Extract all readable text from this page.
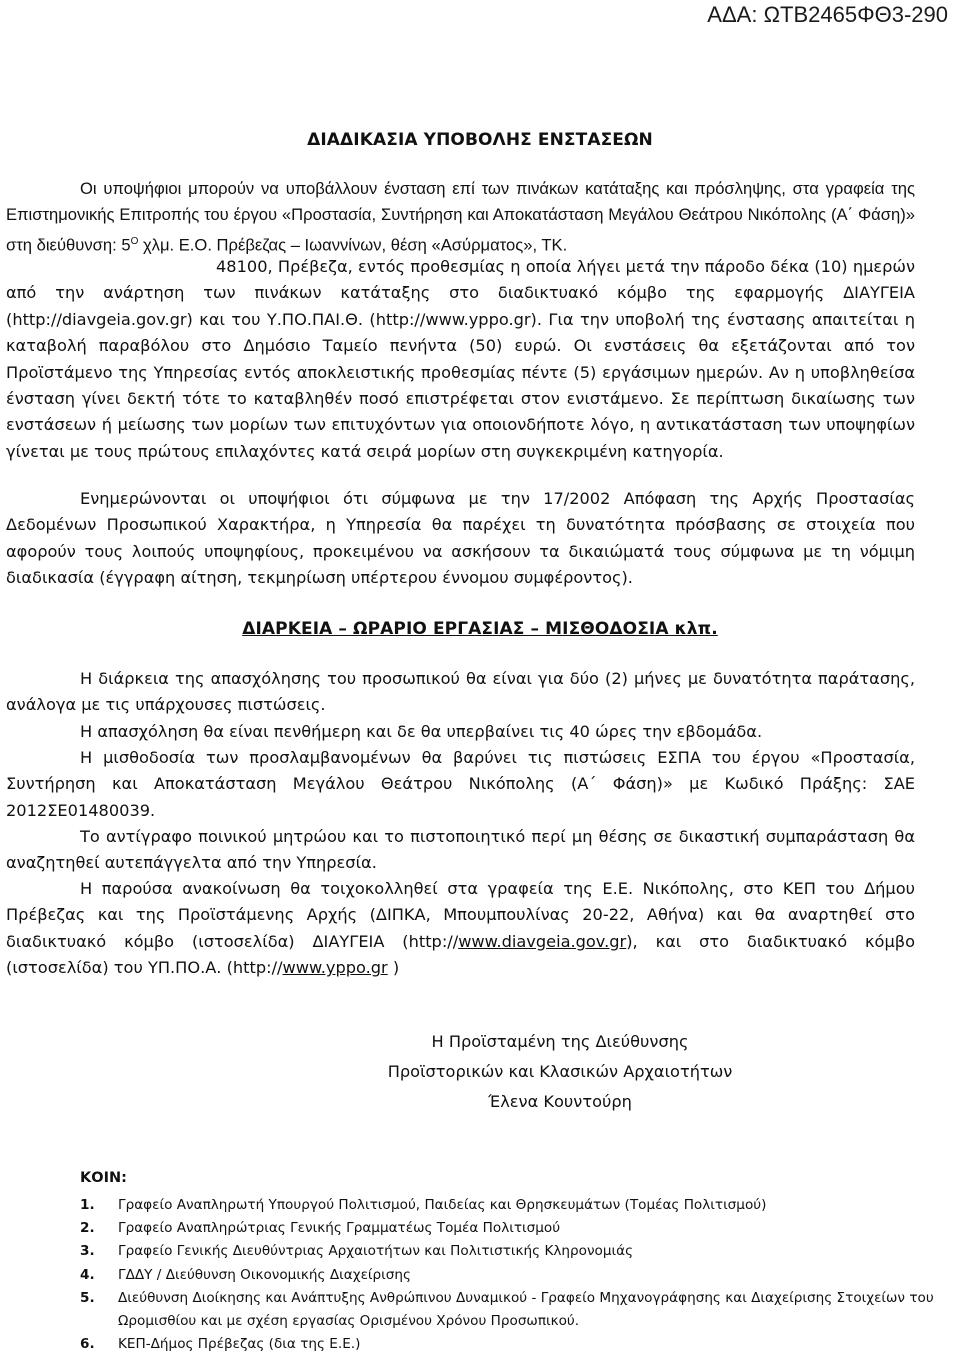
ΑΔΑ: ΩΤΒ2465ΦΘ3-290
ΔΙΑΔΙΚΑΣΙΑ ΥΠΟΒΟΛΗΣ ΕΝΣΤΑΣΕΩΝ
Οι υποψήφιοι μπορούν να υποβάλλουν ένσταση επί των πινάκων κατάταξης και πρόσληψης, στα γραφεία της Επιστημονικής Επιτροπής του έργου «Προστασία, Συντήρηση και Αποκατάσταση Μεγάλου Θεάτρου Νικόπολης (Α΄ Φάση)» στη διεύθυνση: $5^O$ χλμ. Ε.Ο. Πρέβεζας – Ιωαννίνων, θέση «Ασύρματος», ΤΚ.
48100, Πρέβεζα, εντός προθεσμίας η οποία λήγει μετά την πάροδο δέκα (10) ημερών από την ανάρτηση των πινάκων κατάταξης στο διαδικτυακό κόμβο της εφαρμογής ΔΙΑΥΓΕΙΑ (http://diavgeia.gov.gr) και του Υ.ΠΟ.ΠΑΙ.Θ. (http://www.yppo.gr). Για την υποβολή της ένστασης απαιτείται η καταβολή παραβόλου στο Δημόσιο Ταμείο πενήντα (50) ευρώ. Οι ενστάσεις θα εξετάζονται από τον Προϊστάμενο της Υπηρεσίας εντός αποκλειστικής προθεσμίας πέντε (5) εργάσιμων ημερών. Αν η υποβληθείσα ένσταση γίνει δεκτή τότε το καταβληθέν ποσό επιστρέφεται στον ενιστάμενο. Σε περίπτωση δικαίωσης των ενστάσεων ή μείωσης των μορίων των επιτυχόντων για οποιονδήποτε λόγο, η αντικατάσταση των υποψηφίων γίνεται με τους πρώτους επιλαχόντες κατά σειρά μορίων στη συγκεκριμένη κατηγορία.
Ενημερώνονται οι υποψήφιοι ότι σύμφωνα με την 17/2002 Απόφαση της Αρχής Προστασίας Δεδομένων Προσωπικού Χαρακτήρα, η Υπηρεσία θα παρέχει τη δυνατότητα πρόσβασης σε στοιχεία που αφορούν τους λοιπούς υποψηφίους, προκειμένου να ασκήσουν τα δικαιώματά τους σύμφωνα με τη νόμιμη διαδικασία (έγγραφη αίτηση, τεκμηρίωση υπέρτερου έννομου συμφέροντος).
ΔΙΑΡΚΕΙΑ – ΩΡΑΡΙΟ ΕΡΓΑΣΙΑΣ – ΜΙΣΘΟΔΟΣΙΑ κλπ.
Η διάρκεια της απασχόλησης του προσωπικού θα είναι για δύο (2) μήνες με δυνατότητα παράτασης, ανάλογα με τις υπάρχουσες πιστώσεις.
Η απασχόληση θα είναι πενθήμερη και δε θα υπερβαίνει τις 40 ώρες την εβδομάδα.
Η μισθοδοσία των προσλαμβανομένων θα βαρύνει τις πιστώσεις ΕΣΠΑ του έργου «Προστασία, Συντήρηση και Αποκατάσταση Μεγάλου Θεάτρου Νικόπολης (Α΄ Φάση)» με Κωδικό Πράξης: ΣΑΕ 2012ΣΕ01480039.
Το αντίγραφο ποινικού μητρώου και το πιστοποιητικό περί μη θέσης σε δικαστική συμπαράσταση θα αναζητηθεί αυτεπάγγελτα από την Υπηρεσία.
Η παρούσα ανακοίνωση θα τοιχοκολληθεί στα γραφεία της Ε.Ε. Νικόπολης, στο ΚΕΠ του Δήμου Πρέβεζας και της Προϊστάμενης Αρχής (ΔΙΠΚΑ, Μπουμπουλίνας 20-22, Αθήνα) και θα αναρτηθεί στο διαδικτυακό κόμβο (ιστοσελίδα) ΔΙΑΥΓΕΙΑ (http://www.diavgeia.gov.gr), και στο διαδικτυακό κόμβο (ιστοσελίδα) του ΥΠ.ΠΟ.Α. (http://www.yppo.gr )
Η Προϊσταμένη της Διεύθυνσης
Προϊστορικών και Κλασικών Αρχαιοτήτων
Έλενα Κουντούρη
ΚΟΙΝ:
1. Γραφείο Αναπληρωτή Υπουργού Πολιτισμού, Παιδείας και Θρησκευμάτων (Τομέας Πολιτισμού)
2. Γραφείο Αναπληρώτριας Γενικής Γραμματέως Τομέα Πολιτισμού
3. Γραφείο Γενικής Διευθύντριας Αρχαιοτήτων και Πολιτιστικής Κληρονομιάς
4. ΓΔΔΥ / Διεύθυνση Οικονομικής Διαχείρισης
5. Διεύθυνση Διοίκησης και Ανάπτυξης Ανθρώπινου Δυναμικού - Γραφείο Μηχανογράφησης και Διαχείρισης Στοιχείων του Ωρομισθίου και με σχέση εργασίας Ορισμένου Χρόνου Προσωπικού.
6. ΚΕΠ-Δήμος Πρέβεζας (δια της Ε.Ε.)
